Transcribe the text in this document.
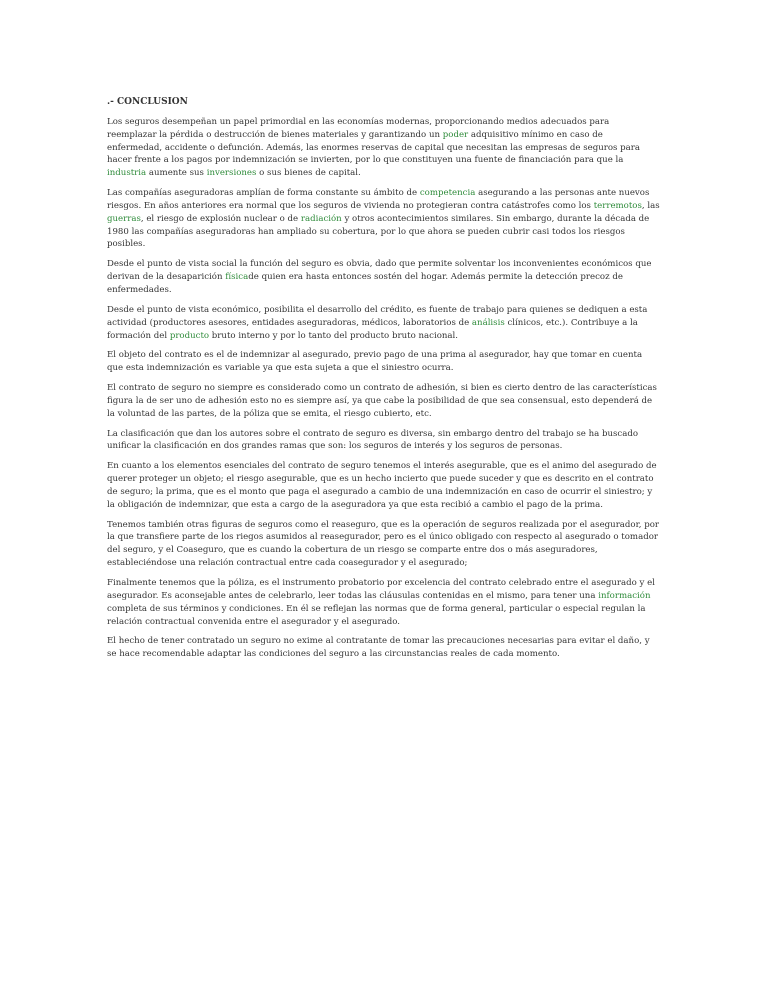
.- CONCLUSION

Los seguros desempeñan un papel primordial en las economías modernas, proporcionando medios adecuados para reemplazar la pérdida o destrucción de bienes materiales y garantizando un poder adquisitivo mínimo en caso de enfermedad, accidente o defunción. Además, las enormes reservas de capital que necesitan las empresas de seguros para hacer frente a los pagos por indemnización se invierten, por lo que constituyen una fuente de financiación para que la industria aumente sus inversiones o sus bienes de capital.

Las compañías aseguradoras amplían de forma constante su ámbito de competencia asegurando a las personas ante nuevos riesgos. En años anteriores era normal que los seguros de vivienda no protegieran contra catástrofes como los terremotos, las guerras, el riesgo de explosión nuclear o de radiación y otros acontecimientos similares. Sin embargo, durante la década de 1980 las compañías aseguradoras han ampliado su cobertura, por lo que ahora se pueden cubrir casi todos los riesgos posibles.

Desde el punto de vista social la función del seguro es obvia, dado que permite solventar los inconvenientes económicos que derivan de la desaparición físicade quien era hasta entonces sostén del hogar. Además permite la detección precoz de enfermedades.

Desde el punto de vista económico, posibilita el desarrollo del crédito, es fuente de trabajo para quienes se dediquen a esta actividad (productores asesores, entidades aseguradoras, médicos, laboratorios de análisis clínicos, etc.). Contribuye a la formación del producto bruto interno y por lo tanto del producto bruto nacional.

El objeto del contrato es el de indemnizar al asegurado, previo pago de una prima al asegurador, hay que tomar en cuenta que esta indemnización es variable ya que esta sujeta a que el siniestro ocurra.

El contrato de seguro no siempre es considerado como un contrato de adhesión, si bien es cierto dentro de las características figura la de ser uno de adhesión esto no es siempre así, ya que cabe la posibilidad de que sea consensual, esto dependerá de la voluntad de las partes, de la póliza que se emita, el riesgo cubierto, etc.

La clasificación que dan los autores sobre el contrato de seguro es diversa, sin embargo dentro del trabajo se ha buscado unificar la clasificación en dos grandes ramas que son: los seguros de interés y los seguros de personas.

En cuanto a los elementos esenciales del contrato de seguro tenemos el interés asegurable, que es el animo del asegurado de querer proteger un objeto; el riesgo asegurable, que es un hecho incierto que puede suceder y que es descrito en el contrato de seguro; la prima, que es el monto que paga el asegurado a cambio de una indemnización en caso de ocurrir el siniestro; y la obligación de indemnizar, que esta a cargo de la aseguradora ya que esta recibió a cambio el pago de la prima.

Tenemos también otras figuras de seguros como el reaseguro, que es la operación de seguros realizada por el asegurador, por la que transfiere parte de los riegos asumidos al reasegurador, pero es el único obligado con respecto al asegurado o tomador del seguro, y el Coaseguro, que es cuando la cobertura de un riesgo se comparte entre dos o más aseguradores, estableciéndose una relación contractual entre cada coasegurador y el asegurado;

Finalmente tenemos que la póliza, es el instrumento probatorio por excelencia del contrato celebrado entre el asegurado y el asegurador. Es aconsejable antes de celebrarlo, leer todas las cláusulas contenidas en el mismo, para tener una información completa de sus términos y condiciones. En él se reflejan las normas que de forma general, particular o especial regulan la relación contractual convenida entre el asegurador y el asegurado.

El hecho de tener contratado un seguro no exime al contratante de tomar las precauciones necesarias para evitar el daño, y se hace recomendable adaptar las condiciones del seguro a las circunstancias reales de cada momento.
